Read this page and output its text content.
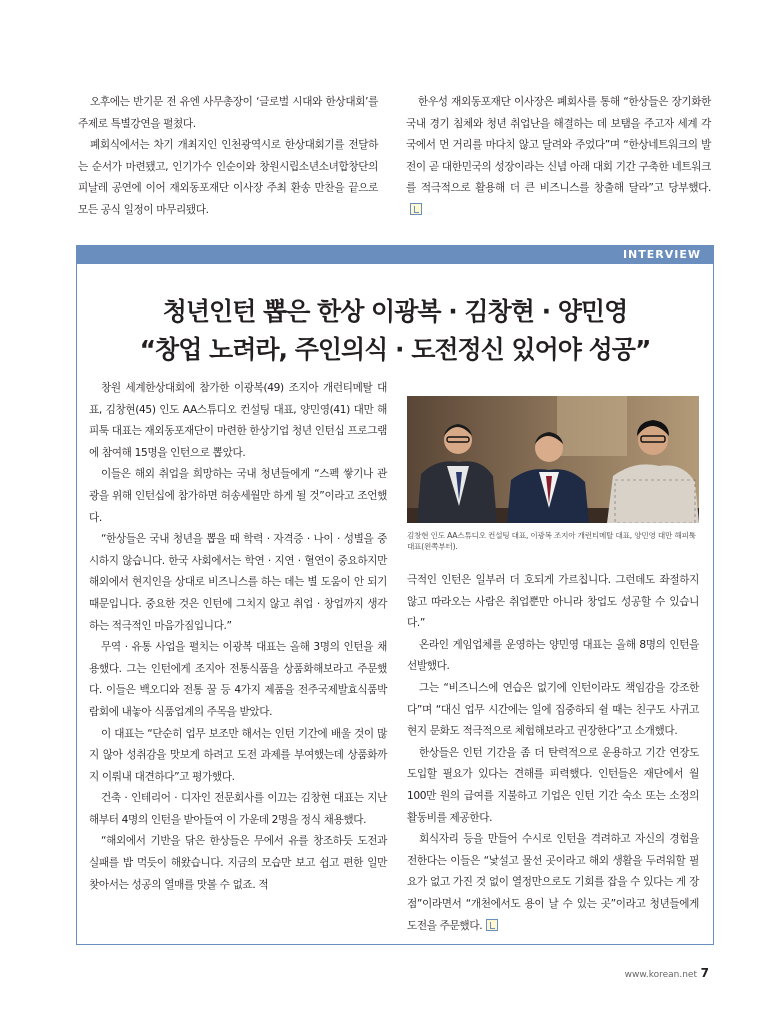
오후에는 반기문 전 유엔 사무총장이 ‘글로벌 시대와 한상대회’를 주제로 특별강연을 펼쳤다.

폐회식에서는 차기 개최지인 인천광역시로 한상대회기를 전달하는 순서가 마련됐고, 인기가수 인순이와 창원시립소년소녀합창단의 피날레 공연에 이어 재외동포재단 이사장 주최 환송 만찬을 끝으로 모든 공식 일정이 마무리됐다.

한우성 재외동포재단 이사장은 폐회사를 통해 “한상들은 장기화한 국내 경기 침체와 청년 취업난을 해결하는 데 보탬을 주고자 세계 각국에서 먼 거리를 마다치 않고 달려와 주었다”며 “한상네트워크의 발전이 곧 대한민국의 성장이라는 신념 아래 대회 기간 구축한 네트워크를 적극적으로 활용해 더 큰 비즈니스를 창출해 달라”고 당부했다.

INTERVIEW
청년인턴 뽑은 한상 이광복 · 김창현 · 양민영
“창업 노려라, 주인의식 · 도전정신 있어야 성공”

창원 세계한상대회에 참가한 이광복(49) 조지아 개런티메탈 대표, 김창현(45) 인도 AA스튜디오 컨설팅 대표, 양민영(41) 대만 해피툭 대표는 재외동포재단이 마련한 한상기업 청년 인턴십 프로그램에 참여해 15명을 인턴으로 뽑았다.

이들은 해외 취업을 희망하는 국내 청년들에게 “스펙 쌓기나 관광을 위해 인턴십에 참가하면 허송세월만 하게 될 것”이라고 조언했다.

“한상들은 국내 청년을 뽑을 때 학력 · 자격증 · 나이 · 성별을 중시하지 않습니다. 한국 사회에서는 학연 · 지연 · 혈연이 중요하지만 해외에서 현지인을 상대로 비즈니스를 하는 데는 별 도움이 안 되기 때문입니다. 중요한 것은 인턴에 그치지 않고 취업 · 창업까지 생각하는 적극적인 마음가짐입니다.”

무역 · 유통 사업을 펼치는 이광복 대표는 올해 3명의 인턴을 채용했다. 그는 인턴에게 조지아 전통식품을 상품화해보라고 주문했다. 이들은 백오디와 전통 꿀 등 4가지 제품을 전주국제발효식품박람회에 내놓아 식품업계의 주목을 받았다.

이 대표는 “단순히 업무 보조만 해서는 인턴 기간에 배울 것이 많지 않아 성취감을 맛보게 하려고 도전 과제를 부여했는데 상품화까지 이뤄내 대견하다”고 평가했다.

건축 · 인테리어 · 디자인 전문회사를 이끄는 김창현 대표는 지난해부터 4명의 인턴을 받아들여 이 가운데 2명을 정식 채용했다.

“해외에서 기반을 닦은 한상들은 무에서 유를 창조하듯 도전과 실패를 밥 먹듯이 해왔습니다. 지금의 모습만 보고 쉽고 편한 일만 찾아서는 성공의 열매를 맛볼 수 없죠. 적

김창현 인도 AA스튜디오 컨설팅 대표, 이광복 조지아 개런티메탈 대표, 양민영 대만 해피툭 대표(왼쪽부터).

극적인 인턴은 일부러 더 호되게 가르칩니다. 그런데도 좌절하지 않고 따라오는 사람은 취업뿐만 아니라 창업도 성공할 수 있습니다.”

온라인 게임업체를 운영하는 양민영 대표는 올해 8명의 인턴을 선발했다.

그는 “비즈니스에 연습은 없기에 인턴이라도 책임감을 강조한다”며 “대신 업무 시간에는 일에 집중하되 쉴 때는 친구도 사귀고 현지 문화도 적극적으로 체험해보라고 권장한다”고 소개했다.

한상들은 인턴 기간을 좀 더 탄력적으로 운용하고 기간 연장도 도입할 필요가 있다는 견해를 피력했다. 인턴들은 재단에서 월 100만 원의 급여를 지불하고 기업은 인턴 기간 숙소 또는 소정의 활동비를 제공한다.

회식자리 등을 만들어 수시로 인턴을 격려하고 자신의 경험을 전한다는 이들은 “낯설고 물선 곳이라고 해외 생활을 두려워할 필요가 없고 가진 것 없이 열정만으로도 기회를 잡을 수 있다는 게 장점”이라면서 “개천에서도 용이 날 수 있는 곳”이라고 청년들에게 도전을 주문했다.

www.korean.net 7
